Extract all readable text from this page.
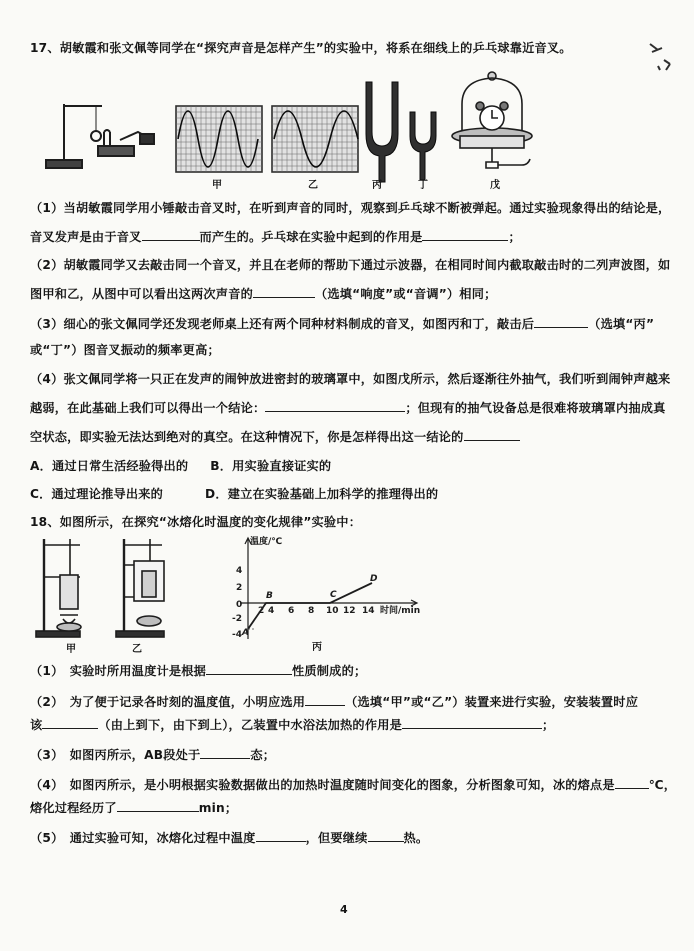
17、胡敏霞和张文佩等同学在“探究声音是怎样产生”的实验中，将系在细线上的乒乓球靠近音叉。
甲	乙	丙	丁	戊
（1）当胡敏霞同学用小锤敲击音叉时，在听到声音的同时，观察到乒乓球不断被弹起。通过实验现象得出的结论是，
音叉发声是由于音叉	而产生的。乒乓球在实验中起到的作用是	；
（2）胡敏霞同学又去敲击同一个音叉，并且在老师的帮助下通过示波器，在相同时间内截取敲击时的二列声波图，如
图甲和乙，从图中可以看出这两次声音的	（选填“响度”或“音调”）相同；
（3）细心的张文佩同学还发现老师桌上还有两个同种材料制成的音叉，如图丙和丁，敲击后	（选填“丙”
或“丁”）图音叉振动的频率更高；
（4）张文佩同学将一只正在发声的闹钟放进密封的玻璃罩中，如图戊所示，然后逐渐往外抽气，我们听到闹钟声越来
越弱，在此基础上我们可以得出一个结论：	；但现有的抽气设备总是很难将玻璃罩内抽成真
空状态，即实验无法达到绝对的真空。在这种情况下，你是怎样得出这一结论的
A．通过日常生活经验得出的 B．用实验直接证实的
C．通过理论推导出来的	D．建立在实验基础上加科学的推理得出的
18、如图所示，在探究“冰熔化时温度的变化规律”实验中：
甲	乙
温度/℃
时间/min
4
2
0
-2
-4
2 4 6 8 10 12 14
A
B	C
D
丙
（1）　实验时所用温度计是根据	性质制成的；
（2）　为了便于记录各时刻的温度值，小明应选用	（选填“甲”或“乙”）装置来进行实验，安装装置时应
该	（由上到下，由下到上），乙装置中水浴法加热的作用是	；
（3）　如图丙所示，AB段处于	态；
（4）　如图丙所示，是小明根据实验数据做出的加热时温度随时间变化的图象，分析图象可知，冰的熔点是	℃，
熔化过程经历了	min；
（5）　通过实验可知，冰熔化过程中温度	，但要继续	热。
4
